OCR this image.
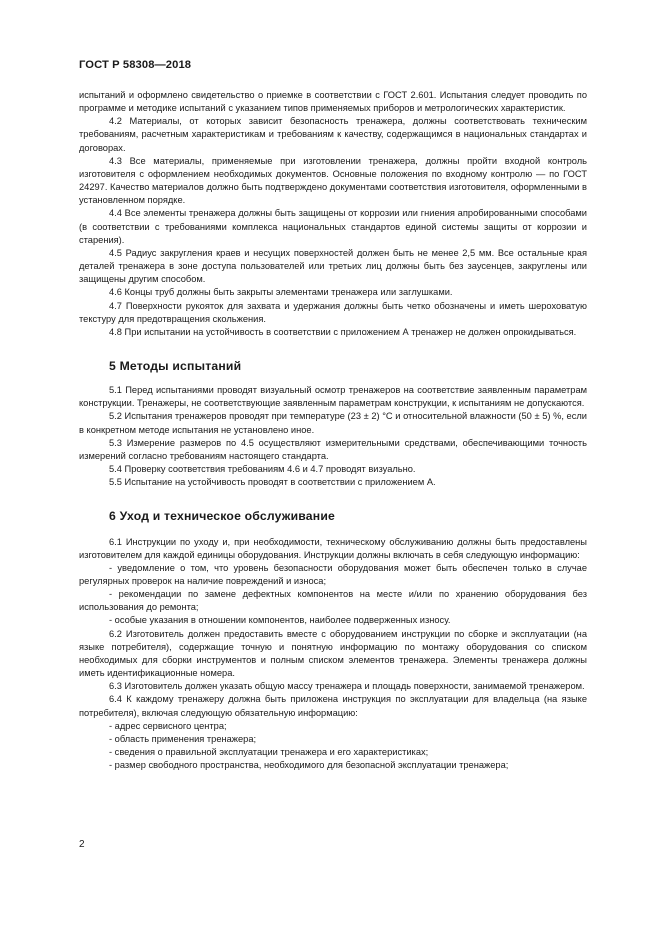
ГОСТ Р 58308—2018

испытаний и оформлено свидетельство о приемке в соответствии с ГОСТ 2.601. Испытания следует проводить по программе и методике испытаний с указанием типов применяемых приборов и метрологических характеристик.

4.2 Материалы, от которых зависит безопасность тренажера, должны соответствовать техническим требованиям, расчетным характеристикам и требованиям к качеству, содержащимся в национальных стандартах и договорах.

4.3 Все материалы, применяемые при изготовлении тренажера, должны пройти входной контроль изготовителя с оформлением необходимых документов. Основные положения по входному контролю — по ГОСТ 24297. Качество материалов должно быть подтверждено документами соответствия изготовителя, оформленными в установленном порядке.

4.4 Все элементы тренажера должны быть защищены от коррозии или гниения апробированными способами (в соответствии с требованиями комплекса национальных стандартов единой системы защиты от коррозии и старения).

4.5 Радиус закругления краев и несущих поверхностей должен быть не менее 2,5 мм. Все остальные края деталей тренажера в зоне доступа пользователей или третьих лиц должны быть без заусенцев, закруглены или защищены другим способом.

4.6 Концы труб должны быть закрыты элементами тренажера или заглушками.

4.7 Поверхности рукояток для захвата и удержания должны быть четко обозначены и иметь шероховатую текстуру для предотвращения скольжения.

4.8 При испытании на устойчивость в соответствии с приложением А тренажер не должен опрокидываться.

5 Методы испытаний

5.1 Перед испытаниями проводят визуальный осмотр тренажеров на соответствие заявленным параметрам конструкции. Тренажеры, не соответствующие заявленным параметрам конструкции, к испытаниям не допускаются.

5.2 Испытания тренажеров проводят при температуре (23 ± 2) °С и относительной влажности (50 ± 5) %, если в конкретном методе испытания не установлено иное.

5.3 Измерение размеров по 4.5 осуществляют измерительными средствами, обеспечивающими точность измерений согласно требованиям настоящего стандарта.

5.4 Проверку соответствия требованиям 4.6 и 4.7 проводят визуально.

5.5 Испытание на устойчивость проводят в соответствии с приложением А.

6 Уход и техническое обслуживание

6.1 Инструкции по уходу и, при необходимости, техническому обслуживанию должны быть предоставлены изготовителем для каждой единицы оборудования. Инструкции должны включать в себя следующую информацию:

- уведомление о том, что уровень безопасности оборудования может быть обеспечен только в случае регулярных проверок на наличие повреждений и износа;

- рекомендации по замене дефектных компонентов на месте и/или по хранению оборудования без использования до ремонта;

- особые указания в отношении компонентов, наиболее подверженных износу.

6.2 Изготовитель должен предоставить вместе с оборудованием инструкции по сборке и эксплуатации (на языке потребителя), содержащие точную и понятную информацию по монтажу оборудования со списком необходимых для сборки инструментов и полным списком элементов тренажера. Элементы тренажера должны иметь идентификационные номера.

6.3 Изготовитель должен указать общую массу тренажера и площадь поверхности, занимаемой тренажером.

6.4 К каждому тренажеру должна быть приложена инструкция по эксплуатации для владельца (на языке потребителя), включая следующую обязательную информацию:

- адрес сервисного центра;

- область применения тренажера;

- сведения о правильной эксплуатации тренажера и его характеристиках;

- размер свободного пространства, необходимого для безопасной эксплуатации тренажера;

2
